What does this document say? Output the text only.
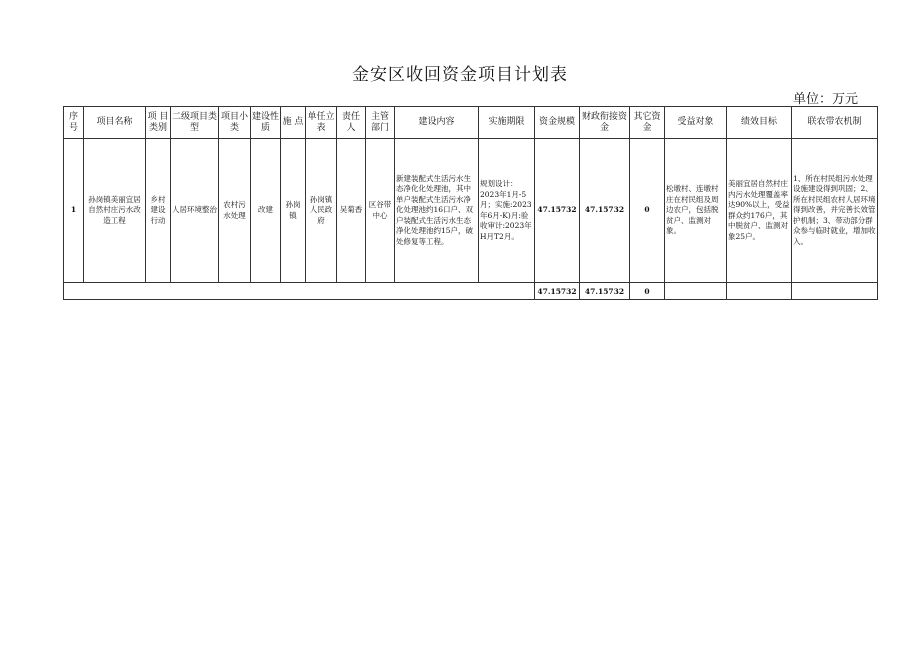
金安区收回资金项目计划表
单位：万元
序号	项目名称	项 目类别	二级项目类型	项目小类	建设性质	施 点	单任立表	责任人	主管部门	建设内容	实施期限	资金规模	财政衔接资金	其它资金	受益对象	绩效目标	联农带农机制
1	孙岗镇美丽宜居自然村庄污水改造工程	乡村建设行动	人居环境整治	农村污水处理	改建	孙岗镇	孙岗镇人民政府	吴菊香	区谷带中心	新建装配式生活污水生态净化化处理池，其中单户装配式生活污水净化处理池约16口户、双户装配式生活污水生态净化处理池约15户，破处修复等工程。	规划设计：2023年1月-5月；实施:2023年6月-K)月:验收审计:2023年H月T2月。	47.15732	47.15732	0	松墩村、连墩村庄在村民组及周边农户，包括脱贫户、监测对象。	美丽宜居自然村庄内污水处理覆盖率达90%以上，受益群众约176户，其中脱贫户、监测对象25户。	1、所在村民组污水处理设施建设得到巩固；2、所在村民组农村人居环境得到改善，并完善长效管护机制；3、带动部分群众参与临时就业，增加收入。
												47.15732	47.15732	0			
